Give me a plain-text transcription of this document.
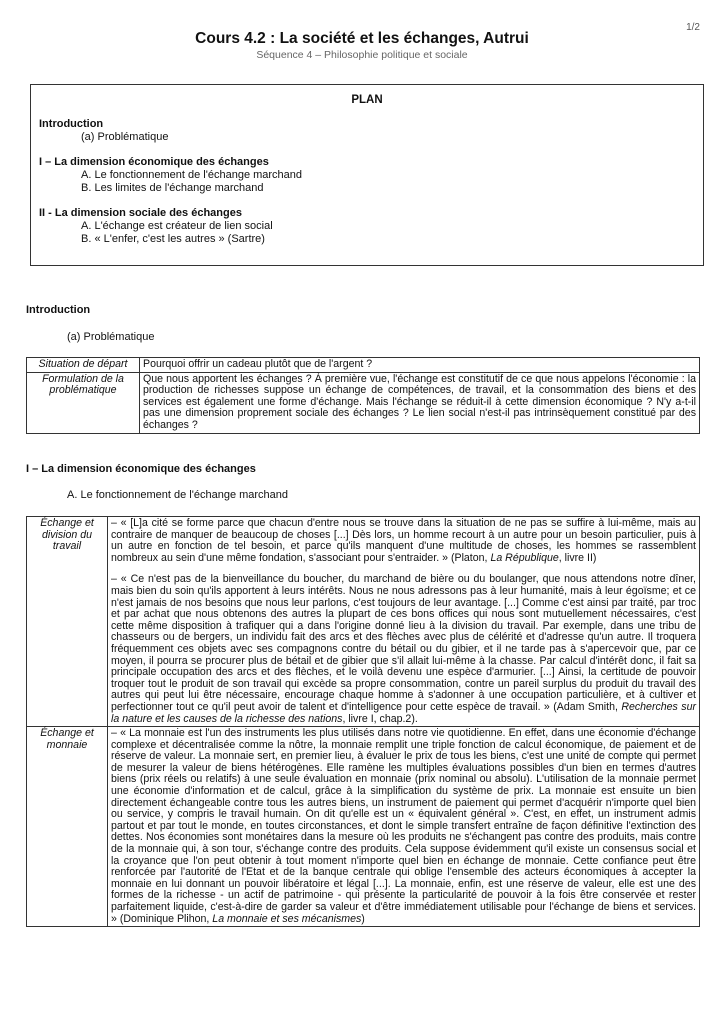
1/2
Cours 4.2 : La société et les échanges, Autrui
Séquence 4 – Philosophie politique et sociale
PLAN
Introduction
(a) Problématique
I – La dimension économique des échanges
A. Le fonctionnement de l'échange marchand
B. Les limites de l'échange marchand
II - La dimension sociale des échanges
A. L'échange est créateur de lien social
B. « L'enfer, c'est les autres » (Sartre)
Introduction
(a) Problématique
Situation de départ	Pourquoi offrir un cadeau plutôt que de l'argent ?
Formulation de la problématique	Que nous apportent les échanges ? À première vue, l'échange est constitutif de ce que nous appelons l'économie : la production de richesses suppose un échange de compétences, de travail, et la consommation des biens et des services est également une forme d'échange. Mais l'échange se réduit-il à cette dimension économique ? N'y a-t-il pas une dimension proprement sociale des échanges ? Le lien social n'est-il pas intrinsèquement constitué par des échanges ?
I – La dimension économique des échanges
A. Le fonctionnement de l'échange marchand
Échange et division du travail	– « [L]a cité se forme parce que chacun d'entre nous se trouve dans la situation de ne pas se suffire à lui-même, mais au contraire de manquer de beaucoup de choses [...] Dès lors, un homme recourt à un autre pour un besoin particulier, puis à un autre en fonction de tel besoin, et parce qu'ils manquent d'une multitude de choses, les hommes se rassemblent nombreux au sein d'une même fondation, s'associant pour s'entraider. » (Platon, La République, livre II)

– « Ce n'est pas de la bienveillance du boucher, du marchand de bière ou du boulanger, que nous attendons notre dîner, mais bien du soin qu'ils apportent à leurs intérêts. Nous ne nous adressons pas à leur humanité, mais à leur égoïsme; et ce n'est jamais de nos besoins que nous leur parlons, c'est toujours de leur avantage. [...] Comme c'est ainsi par traité, par troc et par achat que nous obtenons des autres la plupart de ces bons offices qui nous sont mutuellement nécessaires, c'est cette même disposition à trafiquer qui a dans l'origine donné lieu à la division du travail. Par exemple, dans une tribu de chasseurs ou de bergers, un individu fait des arcs et des flèches avec plus de célérité et d'adresse qu'un autre. Il troquera fréquemment ces objets avec ses compagnons contre du bétail ou du gibier, et il ne tarde pas à s'apercevoir que, par ce moyen, il pourra se procurer plus de bétail et de gibier que s'il allait lui-même à la chasse. Par calcul d'intérêt donc, il fait sa principale occupation des arcs et des flèches, et le voilà devenu une espèce d'armurier. [...] Ainsi, la certitude de pouvoir troquer tout le produit de son travail qui excède sa propre consommation, contre un pareil surplus du produit du travail des autres qui peut lui être nécessaire, encourage chaque homme à s'adonner à une occupation particulière, et à cultiver et perfectionner tout ce qu'il peut avoir de talent et d'intelligence pour cette espèce de travail. » (Adam Smith, Recherches sur la nature et les causes de la richesse des nations, livre I, chap.2).

Échange et monnaie	– « La monnaie est l'un des instruments les plus utilisés dans notre vie quotidienne. En effet, dans une économie d'échange complexe et décentralisée comme la nôtre, la monnaie remplit une triple fonction de calcul économique, de paiement et de réserve de valeur. La monnaie sert, en premier lieu, à évaluer le prix de tous les biens, c'est une unité de compte qui permet de mesurer la valeur de biens hétérogènes. Elle ramène les multiples évaluations possibles d'un bien en termes d'autres biens (prix réels ou relatifs) à une seule évaluation en monnaie (prix nominal ou absolu). L'utilisation de la monnaie permet une économie d'information et de calcul, grâce à la simplification du système de prix. La monnaie est ensuite un bien directement échangeable contre tous les autres biens, un instrument de paiement qui permet d'acquérir n'importe quel bien ou service, y compris le travail humain. On dit qu'elle est un « équivalent général ». C'est, en effet, un instrument admis partout et par tout le monde, en toutes circonstances, et dont le simple transfert entraîne de façon définitive l'extinction des dettes. Nos économies sont monétaires dans la mesure où les produits ne s'échangent pas contre des produits, mais contre de la monnaie qui, à son tour, s'échange contre des produits. Cela suppose évidemment qu'il existe un consensus social et la croyance que l'on peut obtenir à tout moment n'importe quel bien en échange de monnaie. Cette confiance peut être renforcée par l'autorité de l'Etat et de la banque centrale qui oblige l'ensemble des acteurs économiques à accepter la monnaie en lui donnant un pouvoir libératoire et légal [...]. La monnaie, enfin, est une réserve de valeur, elle est une des formes de la richesse - un actif de patrimoine - qui présente la particularité de pouvoir à la fois être conservée et rester parfaitement liquide, c'est-à-dire de garder sa valeur et d'être immédiatement utilisable pour l'échange de biens et services. » (Dominique Plihon, La monnaie et ses mécanismes)
